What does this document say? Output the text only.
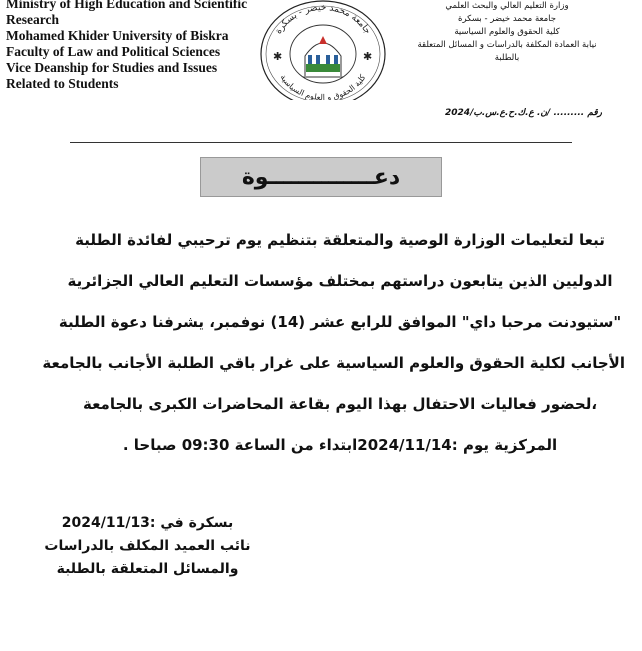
Ministry of High Education and Scientific
Research
Mohamed Khider University of Biskra
Faculty of Law and Political Sciences
Vice Deanship for Studies and Issues
Related to Students
جامعة محمد خيضر - بسكرة
كلية الحقوق و العلوم السياسية
✱	✱
وزارة التعليم العالي والبحث العلمي
جامعة محمد خيضر - بسكرة
كلية الحقوق والعلوم السياسية
نيابة العمادة المكلفة بالدراسات و المسائل المتعلقة
بالطلبة
رقم ......... /ن. ع.ك.ح.ع.س.ب/2024
دعــــــــــــــوة
تبعا لتعليمات الوزارة الوصية والمتعلقة بتنظيم يوم ترحيبي لفائدة الطلبة
الدوليين الذين يتابعون دراستهم بمختلف مؤسسات التعليم العالي الجزائرية
"ستيودنت مرحبا داي" الموافق للرابع عشر (14) نوفمبر، يشرفنا دعوة الطلبة
الأجانب لكلية الحقوق والعلوم السياسية على غرار باقي الطلبة الأجانب بالجامعة
،لحضور فعاليات الاحتفال بهذا اليوم بقاعة المحاضرات الكبرى بالجامعة
المركزية يوم :2024/11/14ابتداء من الساعة 09:30 صباحا .
بسكرة في :2024/11/13
نائب العميد المكلف بالدراسات
والمسائل المتعلقة بالطلبة
